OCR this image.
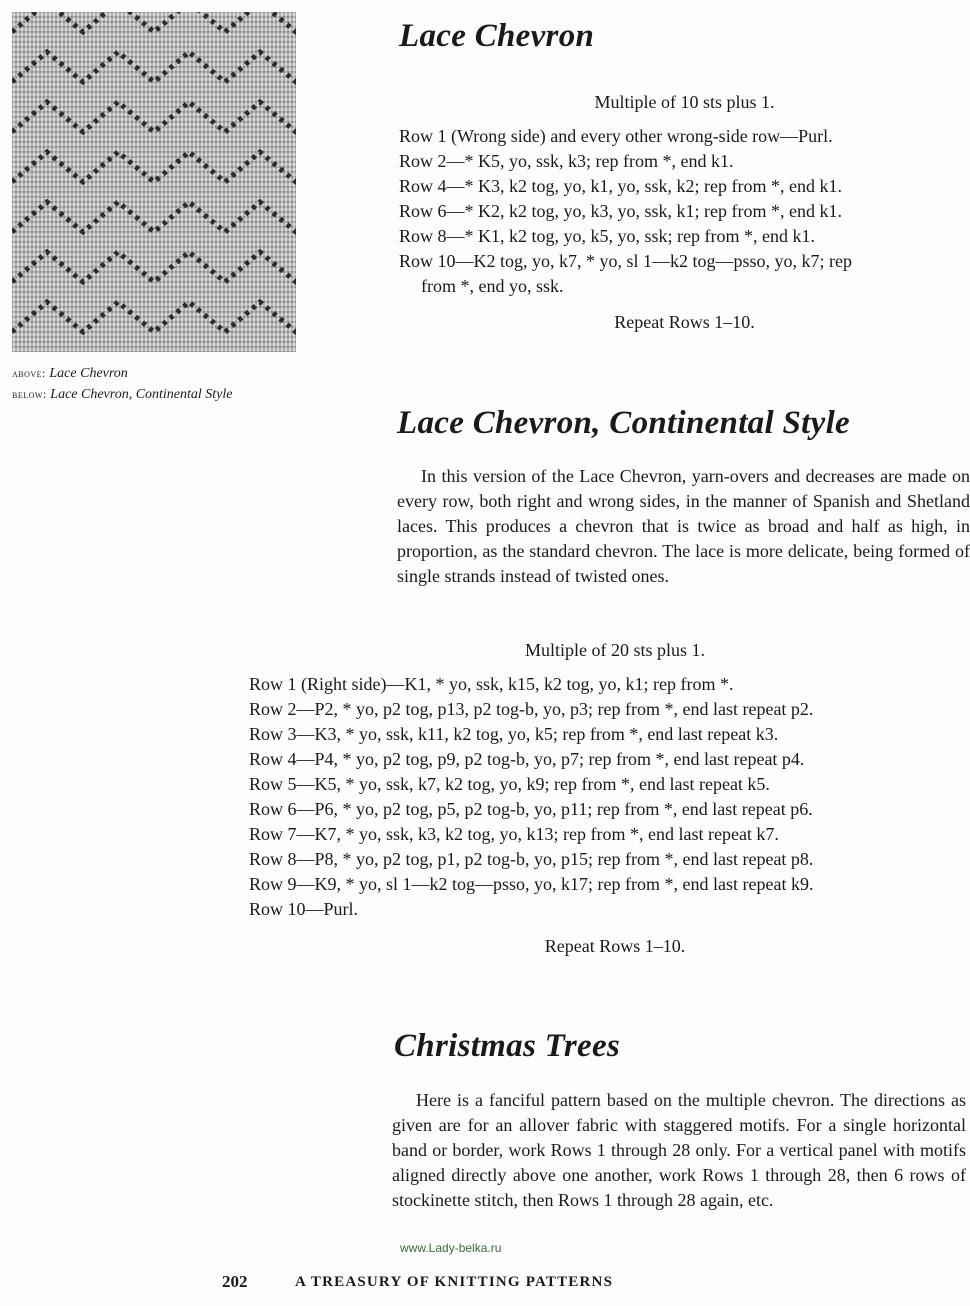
above: Lace Chevron
below: Lace Chevron, Continental Style
Lace Chevron
Multiple of 10 sts plus 1.
Row 1 (Wrong side) and every other wrong-side row—Purl.
Row 2—* K5, yo, ssk, k3; rep from *, end k1.
Row 4—* K3, k2 tog, yo, k1, yo, ssk, k2; rep from *, end k1.
Row 6—* K2, k2 tog, yo, k3, yo, ssk, k1; rep from *, end k1.
Row 8—* K1, k2 tog, yo, k5, yo, ssk; rep from *, end k1.
Row 10—K2 tog, yo, k7, * yo, sl 1—k2 tog—psso, yo, k7; rep
from *, end yo, ssk.
Repeat Rows 1–10.
Lace Chevron, Continental Style
In this version of the Lace Chevron, yarn-overs and decreases are made on every row, both right and wrong sides, in the manner of Spanish and Shetland laces. This produces a chevron that is twice as broad and half as high, in proportion, as the standard chevron. The lace is more delicate, being formed of single strands instead of twisted ones.
Multiple of 20 sts plus 1.
Row 1 (Right side)—K1, * yo, ssk, k15, k2 tog, yo, k1; rep from *.
Row 2—P2, * yo, p2 tog, p13, p2 tog-b, yo, p3; rep from *, end last repeat p2.
Row 3—K3, * yo, ssk, k11, k2 tog, yo, k5; rep from *, end last repeat k3.
Row 4—P4, * yo, p2 tog, p9, p2 tog-b, yo, p7; rep from *, end last repeat p4.
Row 5—K5, * yo, ssk, k7, k2 tog, yo, k9; rep from *, end last repeat k5.
Row 6—P6, * yo, p2 tog, p5, p2 tog-b, yo, p11; rep from *, end last repeat p6.
Row 7—K7, * yo, ssk, k3, k2 tog, yo, k13; rep from *, end last repeat k7.
Row 8—P8, * yo, p2 tog, p1, p2 tog-b, yo, p15; rep from *, end last repeat p8.
Row 9—K9, * yo, sl 1—k2 tog—psso, yo, k17; rep from *, end last repeat k9.
Row 10—Purl.
Repeat Rows 1–10.
Christmas Trees
Here is a fanciful pattern based on the multiple chevron. The directions as given are for an allover fabric with staggered motifs. For a single horizontal band or border, work Rows 1 through 28 only. For a vertical panel with motifs aligned directly above one another, work Rows 1 through 28, then 6 rows of stockinette stitch, then Rows 1 through 28 again, etc.
www.Lady-belka.ru
202	A TREASURY OF KNITTING PATTERNS
